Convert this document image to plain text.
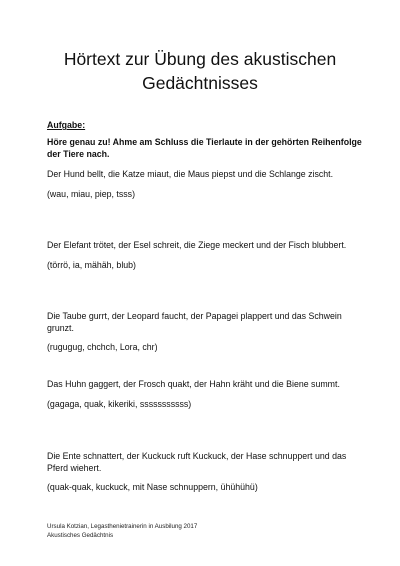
Hörtext zur Übung des akustischen
Gedächtnisses

Aufgabe:

Höre genau zu! Ahme am Schluss die Tierlaute in der gehörten Reihenfolge der Tiere nach.

Der Hund bellt, die Katze miaut, die Maus piepst und die Schlange zischt.

(wau, miau, piep, tsss)

Der Elefant trötet, der Esel schreit, die Ziege meckert und der Fisch blubbert.

(törrö, ia, mähäh, blub)

Die Taube gurrt, der Leopard faucht, der Papagei plappert und das Schwein grunzt.

(rugugug, chchch, Lora, chr)

Das Huhn gaggert, der Frosch quakt, der Hahn kräht und die Biene summt.

(gagaga, quak, kikeriki, sssssssssss)

Die Ente schnattert, der Kuckuck ruft Kuckuck, der Hase schnuppert und das Pferd wiehert.

(quak-quak, kuckuck, mit Nase schnuppern, ühühühü)

Ursula Kotzian, Legasthenietrainerin in Ausbilung 2017
Akustisches Gedächtnis
